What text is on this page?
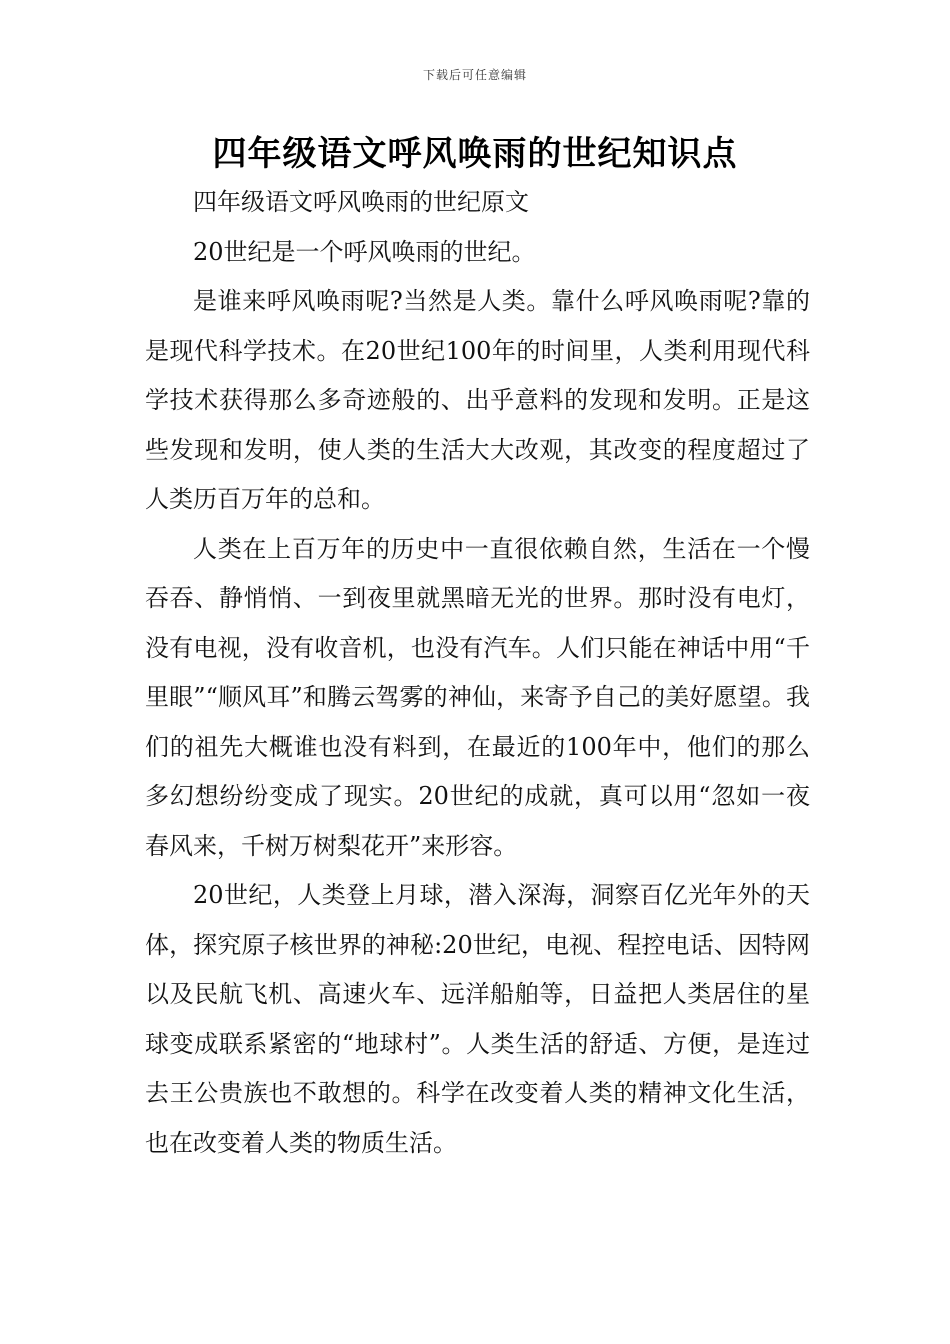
下载后可任意编辑
四年级语文呼风唤雨的世纪知识点

四年级语文呼风唤雨的世纪原文

20世纪是一个呼风唤雨的世纪。

是谁来呼风唤雨呢?当然是人类。靠什么呼风唤雨呢?靠的是现代科学技术。在20世纪100年的时间里，人类利用现代科学技术获得那么多奇迹般的、出乎意料的发现和发明。正是这些发现和发明，使人类的生活大大改观，其改变的程度超过了人类历百万年的总和。

人类在上百万年的历史中一直很依赖自然，生活在一个慢吞吞、静悄悄、一到夜里就黑暗无光的世界。那时没有电灯，没有电视，没有收音机，也没有汽车。人们只能在神话中用“千里眼”“顺风耳”和腾云驾雾的神仙，来寄予自己的美好愿望。我们的祖先大概谁也没有料到，在最近的100年中，他们的那么多幻想纷纷变成了现实。20世纪的成就，真可以用“忽如一夜春风来，千树万树梨花开”来形容。

20世纪，人类登上月球，潜入深海，洞察百亿光年外的天体，探究原子核世界的神秘:20世纪，电视、程控电话、因特网以及民航飞机、高速火车、远洋船舶等，日益把人类居住的星球变成联系紧密的“地球村”。人类生活的舒适、方便，是连过去王公贵族也不敢想的。科学在改变着人类的精神文化生活，也在改变着人类的物质生活。
